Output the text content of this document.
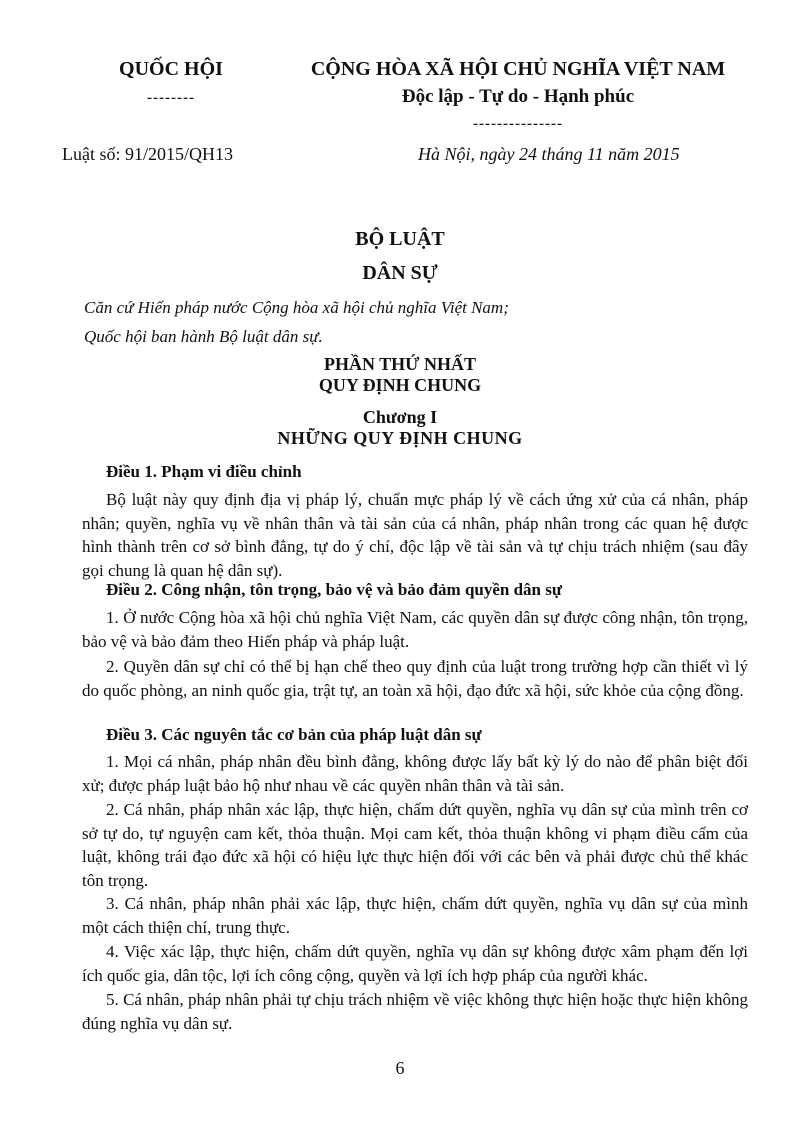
QUỐC HỘI
--------
CỘNG HÒA XÃ HỘI CHỦ NGHĨA VIỆT NAM
Độc lập - Tự do - Hạnh phúc
---------------
Luật số: 91/2015/QH13	Hà Nội, ngày 24 tháng 11 năm 2015
BỘ LUẬT
DÂN SỰ
Căn cứ Hiến pháp nước Cộng hòa xã hội chủ nghĩa Việt Nam;
Quốc hội ban hành Bộ luật dân sự.
PHẦN THỨ NHẤT
QUY ĐỊNH CHUNG
Chương I
NHỮNG QUY ĐỊNH CHUNG
Điều 1. Phạm vi điều chỉnh
Bộ luật này quy định địa vị pháp lý, chuẩn mực pháp lý về cách ứng xử của cá nhân, pháp nhân; quyền, nghĩa vụ về nhân thân và tài sản của cá nhân, pháp nhân trong các quan hệ được hình thành trên cơ sở bình đẳng, tự do ý chí, độc lập về tài sản và tự chịu trách nhiệm (sau đây gọi chung là quan hệ dân sự).
Điều 2. Công nhận, tôn trọng, bảo vệ và bảo đảm quyền dân sự
1. Ở nước Cộng hòa xã hội chủ nghĩa Việt Nam, các quyền dân sự được công nhận, tôn trọng, bảo vệ và bảo đảm theo Hiến pháp và pháp luật.
2. Quyền dân sự chỉ có thể bị hạn chế theo quy định của luật trong trường hợp cần thiết vì lý do quốc phòng, an ninh quốc gia, trật tự, an toàn xã hội, đạo đức xã hội, sức khỏe của cộng đồng.
Điều 3. Các nguyên tắc cơ bản của pháp luật dân sự
1. Mọi cá nhân, pháp nhân đều bình đẳng, không được lấy bất kỳ lý do nào để phân biệt đối xử; được pháp luật bảo hộ như nhau về các quyền nhân thân và tài sản.
2. Cá nhân, pháp nhân xác lập, thực hiện, chấm dứt quyền, nghĩa vụ dân sự của mình trên cơ sở tự do, tự nguyện cam kết, thỏa thuận. Mọi cam kết, thỏa thuận không vi phạm điều cấm của luật, không trái đạo đức xã hội có hiệu lực thực hiện đối với các bên và phải được chủ thể khác tôn trọng.
3. Cá nhân, pháp nhân phải xác lập, thực hiện, chấm dứt quyền, nghĩa vụ dân sự của mình một cách thiện chí, trung thực.
4. Việc xác lập, thực hiện, chấm dứt quyền, nghĩa vụ dân sự không được xâm phạm đến lợi ích quốc gia, dân tộc, lợi ích công cộng, quyền và lợi ích hợp pháp của người khác.
5. Cá nhân, pháp nhân phải tự chịu trách nhiệm về việc không thực hiện hoặc thực hiện không đúng nghĩa vụ dân sự.
6
